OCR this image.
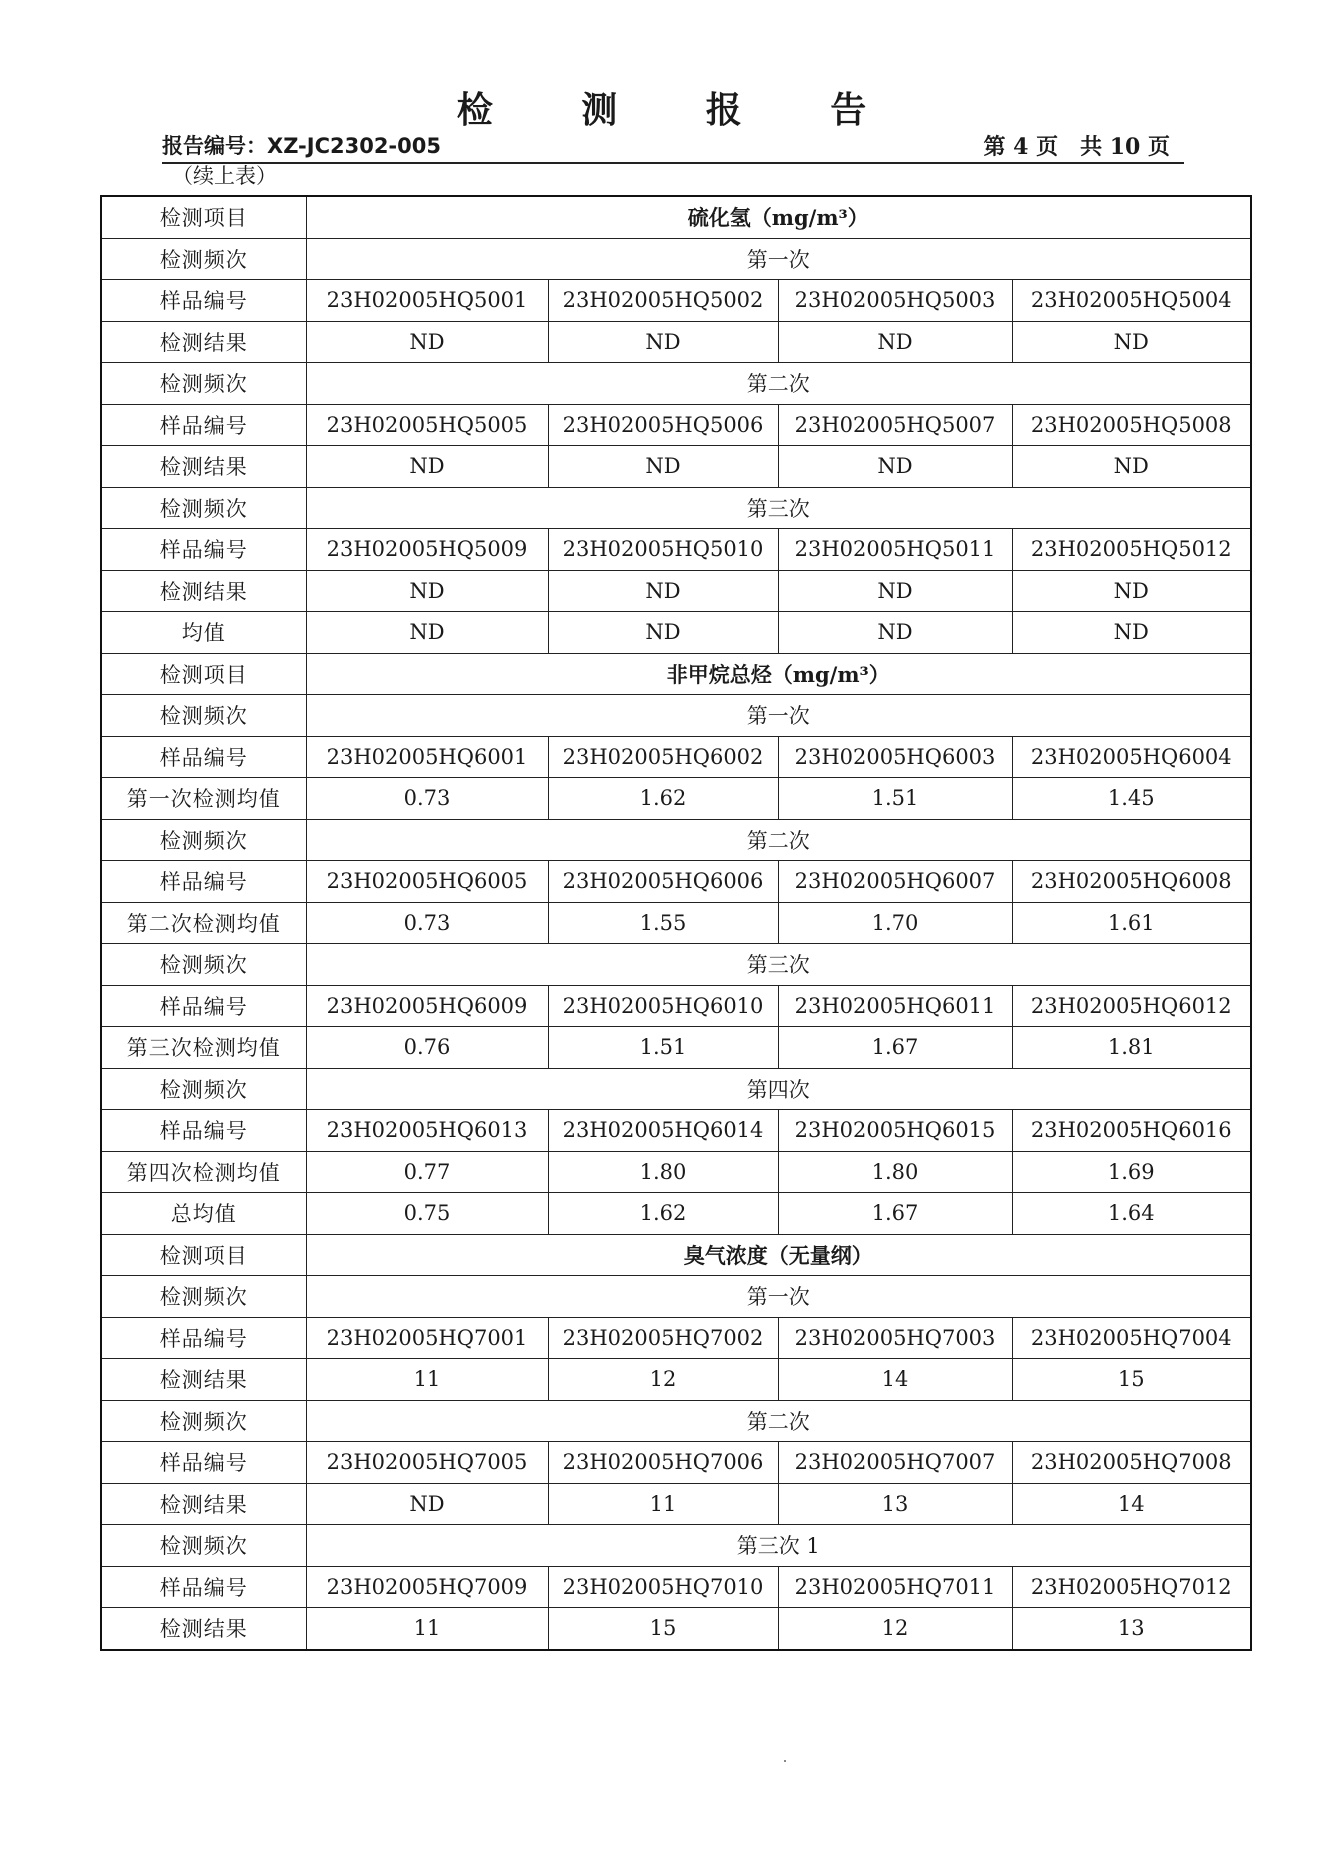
检 测 报 告
报告编号：XZ-JC2302-005	第 4 页　共 10 页
（续上表）
检测项目	硫化氢（mg/m³）			
检测频次	第一次			
样品编号	23H02005HQ5001	23H02005HQ5002	23H02005HQ5003	23H02005HQ5004
检测结果	ND	ND	ND	ND
检测频次	第二次			
样品编号	23H02005HQ5005	23H02005HQ5006	23H02005HQ5007	23H02005HQ5008
检测结果	ND	ND	ND	ND
检测频次	第三次			
样品编号	23H02005HQ5009	23H02005HQ5010	23H02005HQ5011	23H02005HQ5012
检测结果	ND	ND	ND	ND
均值	ND	ND	ND	ND
检测项目	非甲烷总烃（mg/m³）			
检测频次	第一次			
样品编号	23H02005HQ6001	23H02005HQ6002	23H02005HQ6003	23H02005HQ6004
第一次检测均值	0.73	1.62	1.51	1.45
检测频次	第二次			
样品编号	23H02005HQ6005	23H02005HQ6006	23H02005HQ6007	23H02005HQ6008
第二次检测均值	0.73	1.55	1.70	1.61
检测频次	第三次			
样品编号	23H02005HQ6009	23H02005HQ6010	23H02005HQ6011	23H02005HQ6012
第三次检测均值	0.76	1.51	1.67	1.81
检测频次	第四次			
样品编号	23H02005HQ6013	23H02005HQ6014	23H02005HQ6015	23H02005HQ6016
第四次检测均值	0.77	1.80	1.80	1.69
总均值	0.75	1.62	1.67	1.64
检测项目	臭气浓度（无量纲）			
检测频次	第一次			
样品编号	23H02005HQ7001	23H02005HQ7002	23H02005HQ7003	23H02005HQ7004
检测结果	11	12	14	15
检测频次	第二次			
样品编号	23H02005HQ7005	23H02005HQ7006	23H02005HQ7007	23H02005HQ7008
检测结果	ND	11	13	14
检测频次	第三次 1			
样品编号	23H02005HQ7009	23H02005HQ7010	23H02005HQ7011	23H02005HQ7012
检测结果	11	15	12	13
